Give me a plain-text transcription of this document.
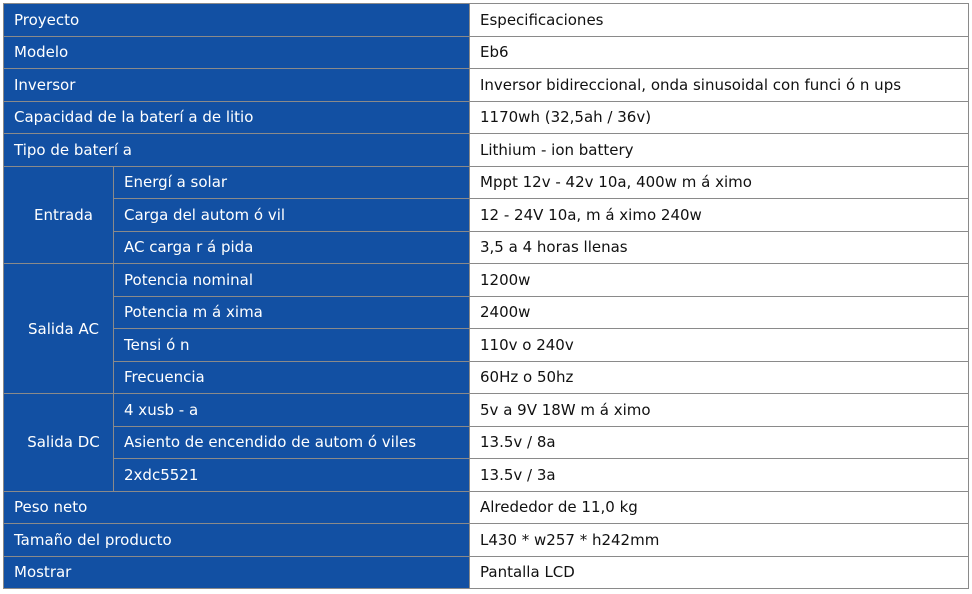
Proyecto		Especificaciones
Modelo		Eb6
Inversor		Inversor bidireccional, onda sinusoidal con funci ó n ups
Capacidad de la baterí a de litio		1170wh (32,5ah / 36v)
Tipo de baterí a		Lithium - ion battery
Entrada	Energí a solar	Mppt 12v - 42v 10a, 400w m á ximo
	Carga del autom ó vil	12 - 24V 10a, m á ximo 240w
	AC carga r á pida	3,5 a 4 horas llenas
Salida AC	Potencia nominal	1200w
	Potencia m á xima	2400w
	Tensi ó n	110v o 240v
	Frecuencia	60Hz o 50hz
Salida DC	4 xusb - a	5v a 9V 18W m á ximo
	Asiento de encendido de autom ó viles	13.5v / 8a
	2xdc5521	13.5v / 3a
Peso neto		Alrededor de 11,0 kg
Tamaño del producto		L430 * w257 * h242mm
Mostrar		Pantalla LCD
